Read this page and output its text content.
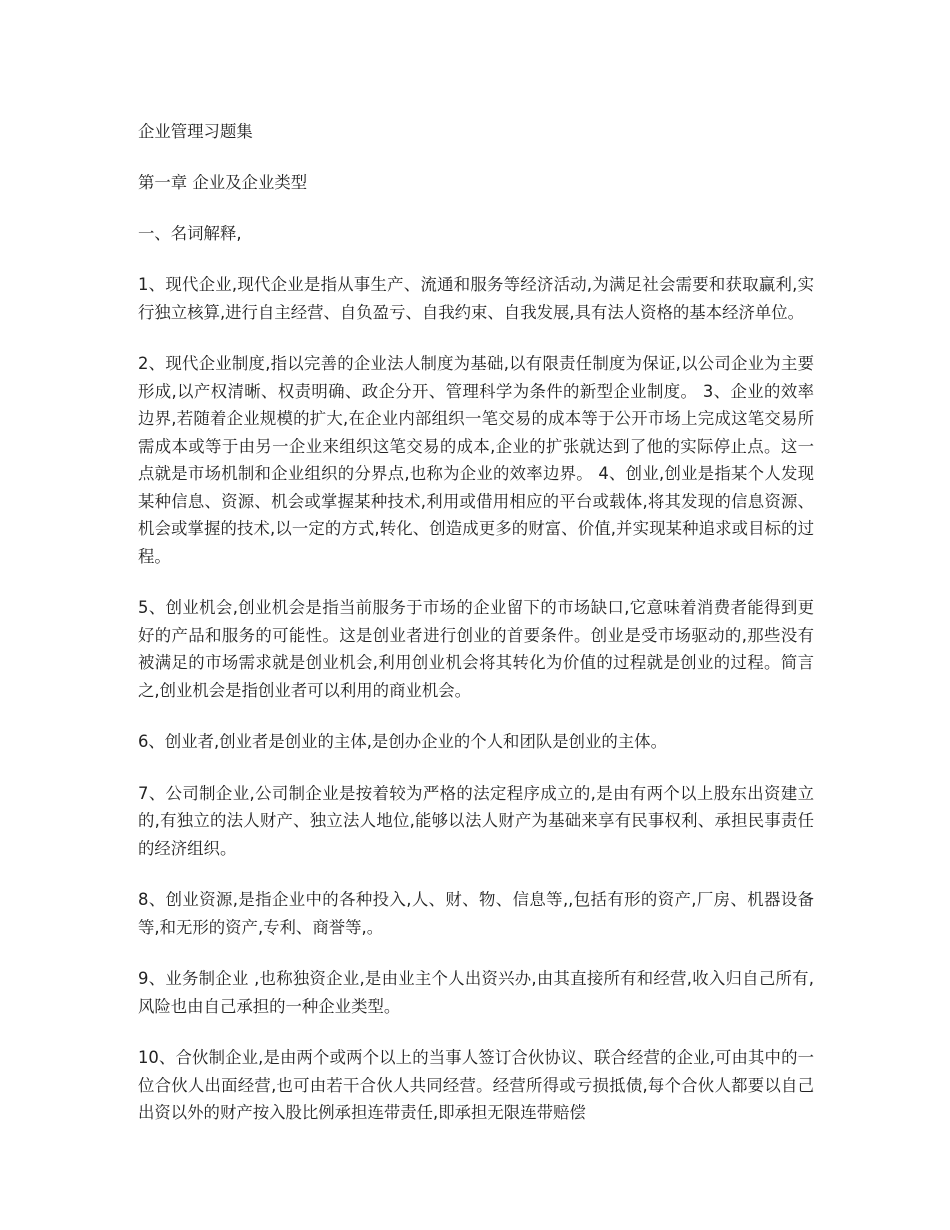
企业管理习题集

第一章 企业及企业类型

一、名词解释,

1、现代企业,现代企业是指从事生产、流通和服务等经济活动,为满足社会需要和获取赢利,实行独立核算,进行自主经营、自负盈亏、自我约束、自我发展,具有法人资格的基本经济单位。

2、现代企业制度,指以完善的企业法人制度为基础,以有限责任制度为保证,以公司企业为主要形成,以产权清晰、权责明确、政企分开、管理科学为条件的新型企业制度。 3、企业的效率边界,若随着企业规模的扩大,在企业内部组织一笔交易的成本等于公开市场上完成这笔交易所需成本或等于由另一企业来组织这笔交易的成本,企业的扩张就达到了他的实际停止点。这一点就是市场机制和企业组织的分界点,也称为企业的效率边界。 4、创业,创业是指某个人发现某种信息、资源、机会或掌握某种技术,利用或借用相应的平台或载体,将其发现的信息资源、机会或掌握的技术,以一定的方式,转化、创造成更多的财富、价值,并实现某种追求或目标的过程。

5、创业机会,创业机会是指当前服务于市场的企业留下的市场缺口,它意味着消费者能得到更好的产品和服务的可能性。这是创业者进行创业的首要条件。创业是受市场驱动的,那些没有被满足的市场需求就是创业机会,利用创业机会将其转化为价值的过程就是创业的过程。简言之,创业机会是指创业者可以利用的商业机会。

6、创业者,创业者是创业的主体,是创办企业的个人和团队是创业的主体。

7、公司制企业,公司制企业是按着较为严格的法定程序成立的,是由有两个以上股东出资建立的,有独立的法人财产、独立法人地位,能够以法人财产为基础来享有民事权利、承担民事责任的经济组织。

8、创业资源,是指企业中的各种投入,人、财、物、信息等,,包括有形的资产,厂房、机器设备等,和无形的资产,专利、商誉等,。

9、业务制企业 ,也称独资企业,是由业主个人出资兴办,由其直接所有和经营,收入归自己所有,风险也由自己承担的一种企业类型。

10、合伙制企业,是由两个或两个以上的当事人签订合伙协议、联合经营的企业,可由其中的一位合伙人出面经营,也可由若干合伙人共同经营。经营所得或亏损抵债,每个合伙人都要以自己出资以外的财产按入股比例承担连带责任,即承担无限连带赔偿
